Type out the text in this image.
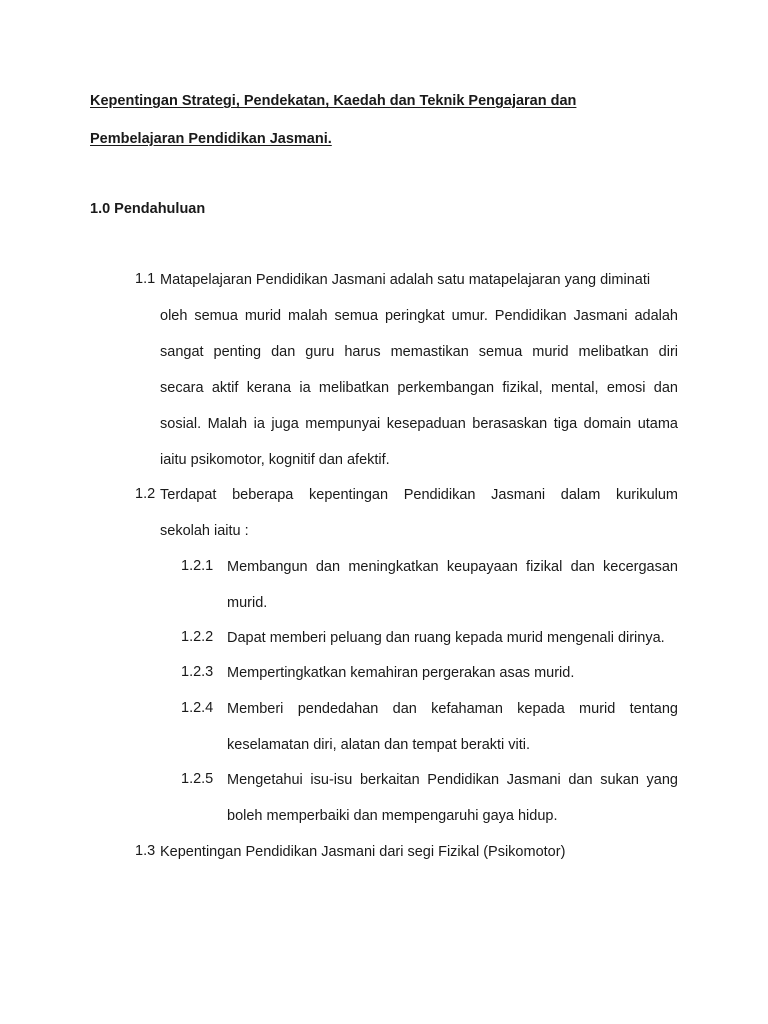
Kepentingan Strategi, Pendekatan, Kaedah dan Teknik Pengajaran dan
Pembelajaran Pendidikan Jasmani.
1.0 Pendahuluan
1.1 Matapelajaran Pendidikan Jasmani adalah satu matapelajaran yang diminati
oleh semua murid malah semua peringkat umur. Pendidikan Jasmani adalah
sangat penting dan guru harus memastikan semua murid melibatkan diri
secara aktif kerana ia melibatkan perkembangan fizikal, mental, emosi dan
sosial. Malah ia juga mempunyai kesepaduan berasaskan tiga domain utama
iaitu psikomotor, kognitif dan afektif.
1.2 Terdapat beberapa kepentingan Pendidikan Jasmani dalam kurikulum
sekolah iaitu :
1.2.1 Membangun dan meningkatkan keupayaan fizikal dan kecergasan
murid.
1.2.2 Dapat memberi peluang dan ruang kepada murid mengenali dirinya.
1.2.3 Mempertingkatkan kemahiran pergerakan asas murid.
1.2.4 Memberi pendedahan dan kefahaman kepada murid tentang
keselamatan diri, alatan dan tempat berakti viti.
1.2.5 Mengetahui isu-isu berkaitan Pendidikan Jasmani dan sukan yang
boleh memperbaiki dan mempengaruhi gaya hidup.
1.3 Kepentingan Pendidikan Jasmani dari segi Fizikal (Psikomotor)
